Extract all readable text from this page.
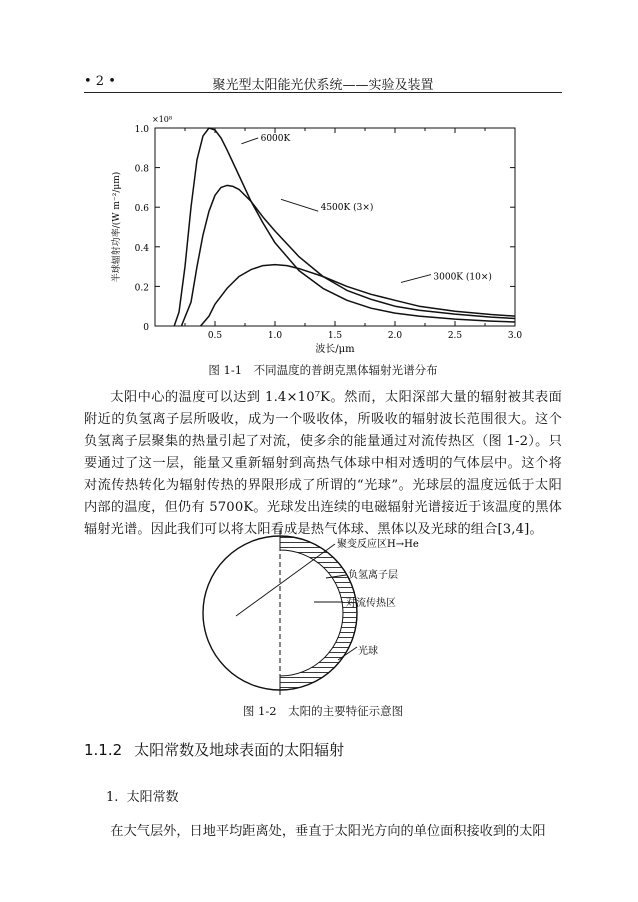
• 2 •	聚光型太阳能光伏系统——实验及装置
0
0.2
0.4
0.6
0.8
1.0
0.5	1.0	1.5	2.0	2.5	3.0
×10⁸
波长/μm
半球辐射功率/(W m⁻²/μm)
6000K
4500K (3×)
3000K (10×)
图 1-1　不同温度的普朗克黑体辐射光谱分布

太阳中心的温度可以达到 1.4×10⁷K。然而，太阳深部大量的辐射被其表面附近的负氢离子层所吸收，成为一个吸收体，所吸收的辐射波长范围很大。这个负氢离子层聚集的热量引起了对流，使多余的能量通过对流传热区（图 1-2）。只要通过了这一层，能量又重新辐射到高热气体球中相对透明的气体层中。这个将对流传热转化为辐射传热的界限形成了所谓的“光球”。光球层的温度远低于太阳内部的温度，但仍有 5700K。光球发出连续的电磁辐射光谱接近于该温度的黑体辐射光谱。因此我们可以将太阳看成是热气体球、黑体以及光球的组合[3,4]。

聚变反应区H→He
负氢离子层
对流传热区
光球
图 1-2　太阳的主要特征示意图
1.1.2 太阳常数及地球表面的太阳辐射
1. 太阳常数
在大气层外，日地平均距离处，垂直于太阳光方向的单位面积接收到的太阳
